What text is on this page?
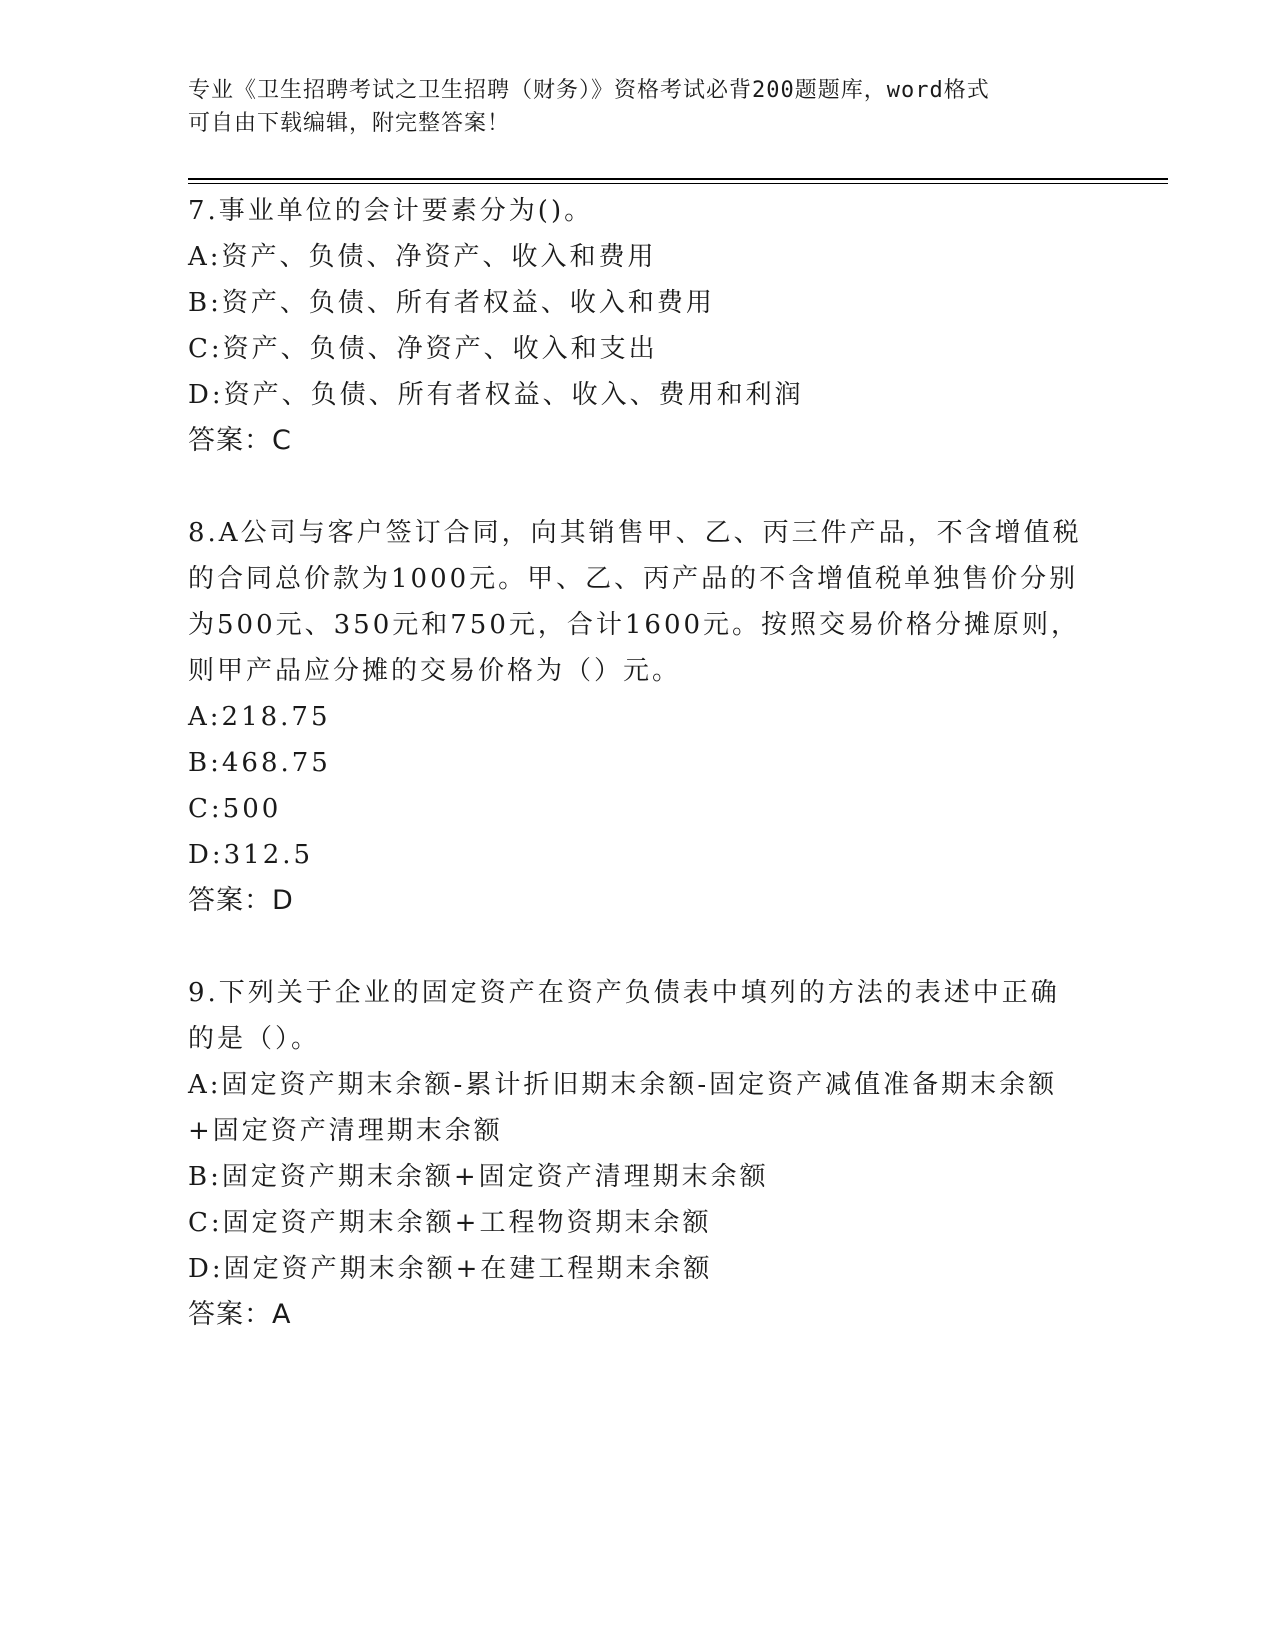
专业《卫生招聘考试之卫生招聘（财务）》资格考试必背200题题库，word格式
可自由下载编辑，附完整答案！
7.事业单位的会计要素分为()。
A:资产、负债、净资产、收入和费用
B:资产、负债、所有者权益、收入和费用
C:资产、负债、净资产、收入和支出
D:资产、负债、所有者权益、收入、费用和利润
答案：C
8.A公司与客户签订合同，向其销售甲、乙、丙三件产品，不含增值税
的合同总价款为1000元。甲、乙、丙产品的不含增值税单独售价分别
为500元、350元和750元，合计1600元。按照交易价格分摊原则，
则甲产品应分摊的交易价格为（）元。
A:218.75
B:468.75
C:500
D:312.5
答案：D
9.下列关于企业的固定资产在资产负债表中填列的方法的表述中正确
的是（）。
A:固定资产期末余额-累计折旧期末余额-固定资产减值准备期末余额
+固定资产清理期末余额
B:固定资产期末余额+固定资产清理期末余额
C:固定资产期末余额+工程物资期末余额
D:固定资产期末余额+在建工程期末余额
答案：A
